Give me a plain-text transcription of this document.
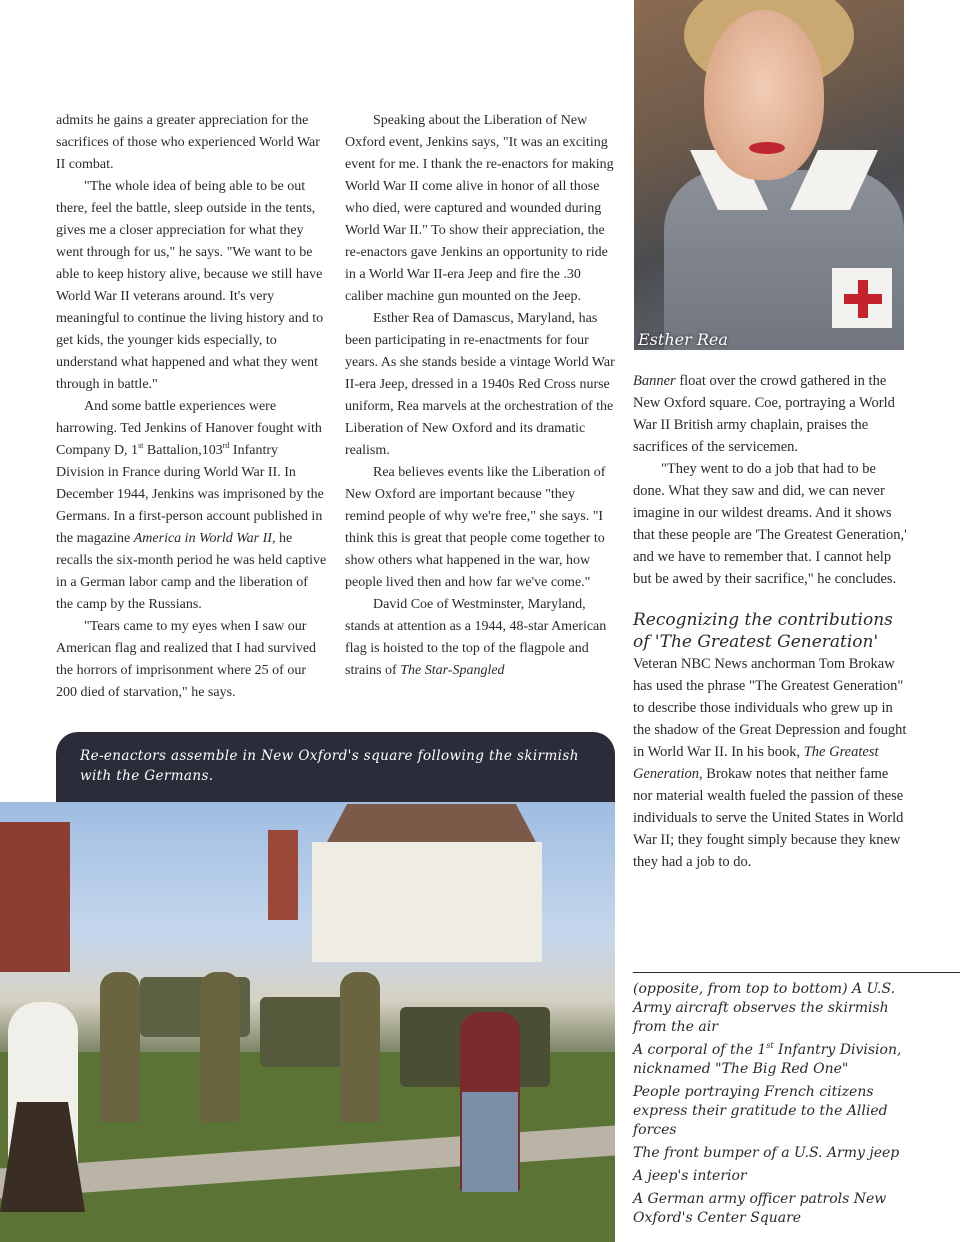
Esther Rea

admits he gains a greater appreciation for the sacrifices of those who experienced World War II combat.

"The whole idea of being able to be out there, feel the battle, sleep outside in the tents, gives me a closer appreciation for what they went through for us," he says. "We want to be able to keep history alive, because we still have World War II veterans around. It's very meaningful to continue the living history and to get kids, the younger kids especially, to understand what happened and what they went through in battle."

And some battle experiences were harrowing. Ted Jenkins of Hanover fought with Company D, 1st Battalion,103rd Infantry Division in France during World War II. In December 1944, Jenkins was imprisoned by the Germans. In a first-person account published in the magazine America in World War II, he recalls the six-month period he was held captive in a German labor camp and the liberation of the camp by the Russians.

"Tears came to my eyes when I saw our American flag and realized that I had survived the horrors of imprisonment where 25 of our 200 died of starvation," he says.

Speaking about the Liberation of New Oxford event, Jenkins says, "It was an exciting event for me. I thank the re-enactors for making World War II come alive in honor of all those who died, were captured and wounded during World War II." To show their appreciation, the re-enactors gave Jenkins an opportunity to ride in a World War II-era Jeep and fire the .30 caliber machine gun mounted on the Jeep.

Esther Rea of Damascus, Maryland, has been participating in re-enactments for four years. As she stands beside a vintage World War II-era Jeep, dressed in a 1940s Red Cross nurse uniform, Rea marvels at the orchestration of the Liberation of New Oxford and its dramatic realism.

Rea believes events like the Liberation of New Oxford are important because "they remind people of why we're free," she says. "I think this is great that people come together to show others what happened in the war, how people lived then and how far we've come."

David Coe of Westminster, Maryland, stands at attention as a 1944, 48-star American flag is hoisted to the top of the flagpole and strains of The Star-Spangled

Banner float over the crowd gathered in the New Oxford square. Coe, portraying a World War II British army chaplain, praises the sacrifices of the servicemen.

"They went to do a job that had to be done. What they saw and did, we can never imagine in our wildest dreams. And it shows that these people are 'The Greatest Generation,' and we have to remember that. I cannot help but be awed by their sacrifice," he concludes.

Recognizing the contributions of 'The Greatest Generation'

Veteran NBC News anchorman Tom Brokaw has used the phrase "The Greatest Generation" to describe those individuals who grew up in the shadow of the Great Depression and fought in World War II. In his book, The Greatest Generation, Brokaw notes that neither fame nor material wealth fueled the passion of these individuals to serve the United States in World War II; they fought simply because they knew they had a job to do.

Re-enactors assemble in New Oxford's square following the skirmish with the Germans.

(opposite, from top to bottom) A U.S. Army aircraft observes the skirmish from the air

A corporal of the 1st Infantry Division, nicknamed "The Big Red One"

People portraying French citizens express their gratitude to the Allied forces

The front bumper of a U.S. Army jeep

A jeep's interior

A German army officer patrols New Oxford's Center Square
